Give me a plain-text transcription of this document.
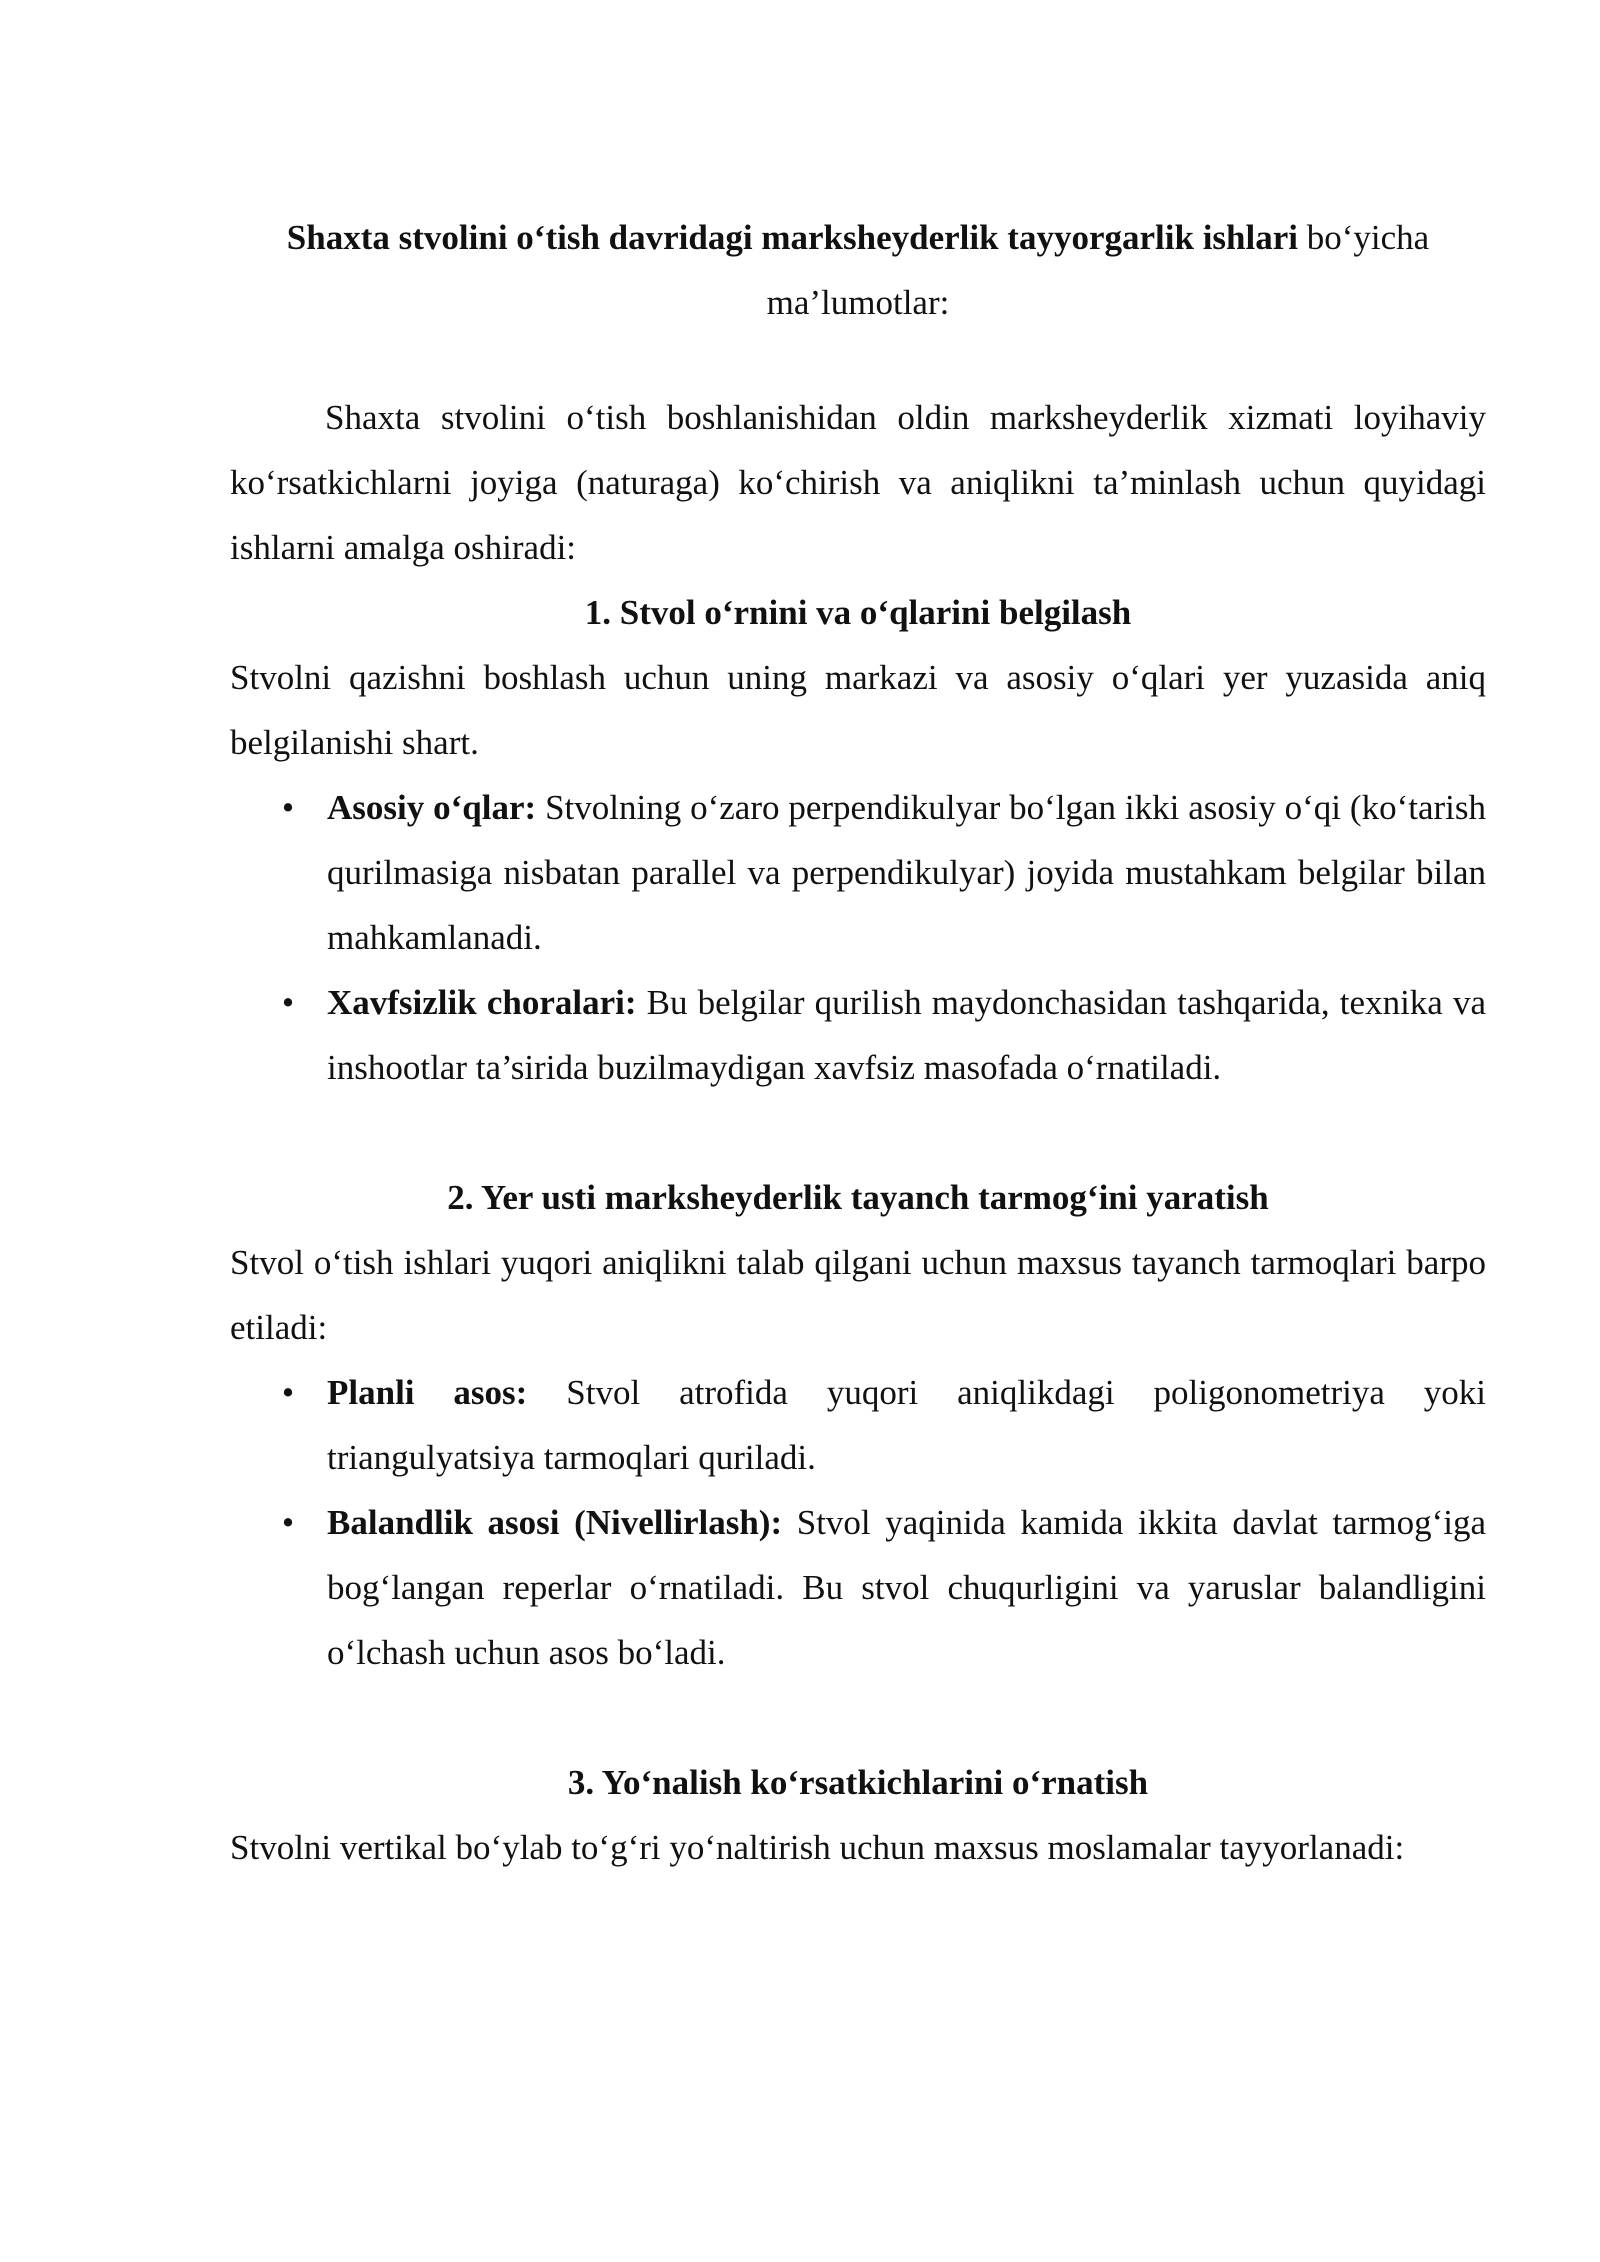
Shaxta stvolini o‘tish davridagi marksheyderlik tayyorgarlik ishlari bo‘yicha ma’lumotlar:

Shaxta stvolini o‘tish boshlanishidan oldin marksheyderlik xizmati loyihaviy ko‘rsatkichlarni joyiga (naturaga) ko‘chirish va aniqlikni ta’minlash uchun quyidagi ishlarni amalga oshiradi:

1. Stvol o‘rnini va o‘qlarini belgilash

Stvolni qazishni boshlash uchun uning markazi va asosiy o‘qlari yer yuzasida aniq belgilanishi shart.

• Asosiy o‘qlar: Stvolning o‘zaro perpendikulyar bo‘lgan ikki asosiy o‘qi (ko‘tarish qurilmasiga nisbatan parallel va perpendikulyar) joyida mustahkam belgilar bilan mahkamlanadi.
• Xavfsizlik choralari: Bu belgilar qurilish maydonchasidan tashqarida, texnika va inshootlar ta’sirida buzilmaydigan xavfsiz masofada o‘rnatiladi.
2. Yer usti marksheyderlik tayanch tarmog‘ini yaratish

Stvol o‘tish ishlari yuqori aniqlikni talab qilgani uchun maxsus tayanch tarmoqlari barpo etiladi:

• Planli asos: Stvol atrofida yuqori aniqlikdagi poligonometriya yoki triangulyatsiya tarmoqlari quriladi.
• Balandlik asosi (Nivellirlash): Stvol yaqinida kamida ikkita davlat tarmog‘iga bog‘langan reperlar o‘rnatiladi. Bu stvol chuqurligini va yaruslar balandligini o‘lchash uchun asos bo‘ladi.
3. Yo‘nalish ko‘rsatkichlarini o‘rnatish

Stvolni vertikal bo‘ylab to‘g‘ri yo‘naltirish uchun maxsus moslamalar tayyorlanadi:
